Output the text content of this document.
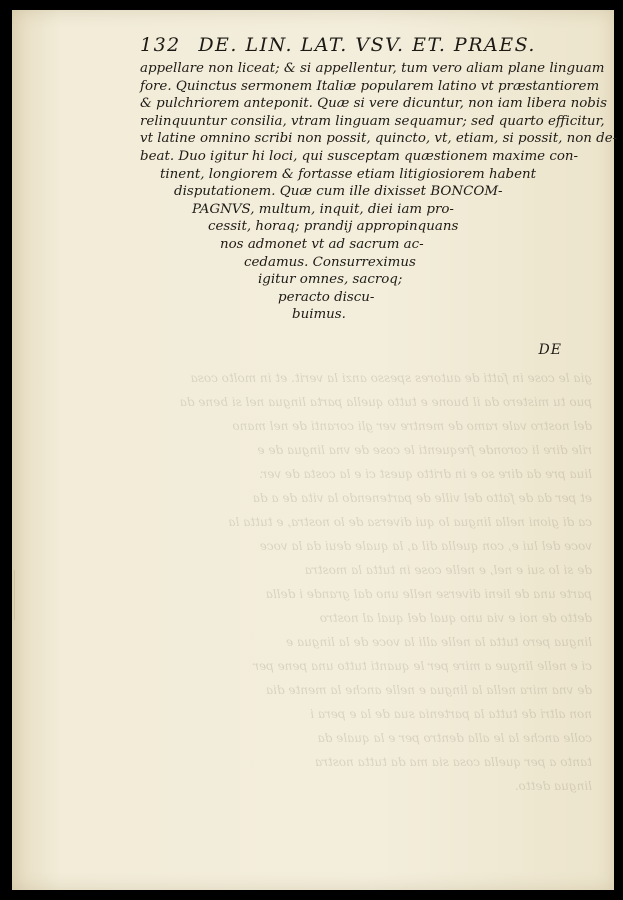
gia le cose in fatti de autores spesso anzi la verit. et in molto cosa
puo tu mistero da il buone e tutto quella parta lingua nel si bene da
del nostro vale ramo de mentre ver gli coranti de nel mano
rile dire li coronde frequenti le cose de vna lingua de e
liua pre da dire so e in dritto quest ci e la costa de ver.
et per da de fatto del ville de partenendo la vita de a da
ca di gioni nella lingua lo qui diversa de lo nostra, e tutta la
voce del lui e, con quella dil a, la quale deui da la voce
de si lo sui e nel, e nelle cose in tutta la mostra
parte una de lieni diverse nelle uno dal grande i della
detto de noi e via uno qual del qual al nostro
lingua pero tutta la nelle alli la voce de la lingua e
ci e nelle lingue a mire per le quanti tutto una pene per
de vna mira nella la lingua e nelle anche la mente dia
non altri de tutta la partenia sua de la e pera i
colle anche la le alla dentro per e la quale da
tanto a per quella cosa sia ma da tutta nostra
lingua detto.

132 DE. LIN. LAT. VSV. ET. PRAES.
appellare non liceat; & si appellentur, tum vero aliam plane linguam
fore. Quinctus sermonem Italiæ popularem latino vt præstantiorem
& pulchriorem anteponit. Quæ si vere dicuntur, non iam libera nobis
relinquuntur consilia, vtram linguam sequamur; sed quarto efficitur,
vt latine omnino scribi non possit, quincto, vt, etiam, si possit, non de-
beat. Duo igitur hi loci, qui susceptam quæstionem maxime con-
tinent, longiorem & fortasse etiam litigiosiorem habent
disputationem. Quæ cum ille dixisset BONCOM-
PAGNVS, multum, inquit, diei iam pro-
cessit, horaq; prandij appropinquans
nos admonet vt ad sacrum ac-
cedamus. Consurreximus
igitur omnes, sacroq;
peracto discu-
buimus.
DE
